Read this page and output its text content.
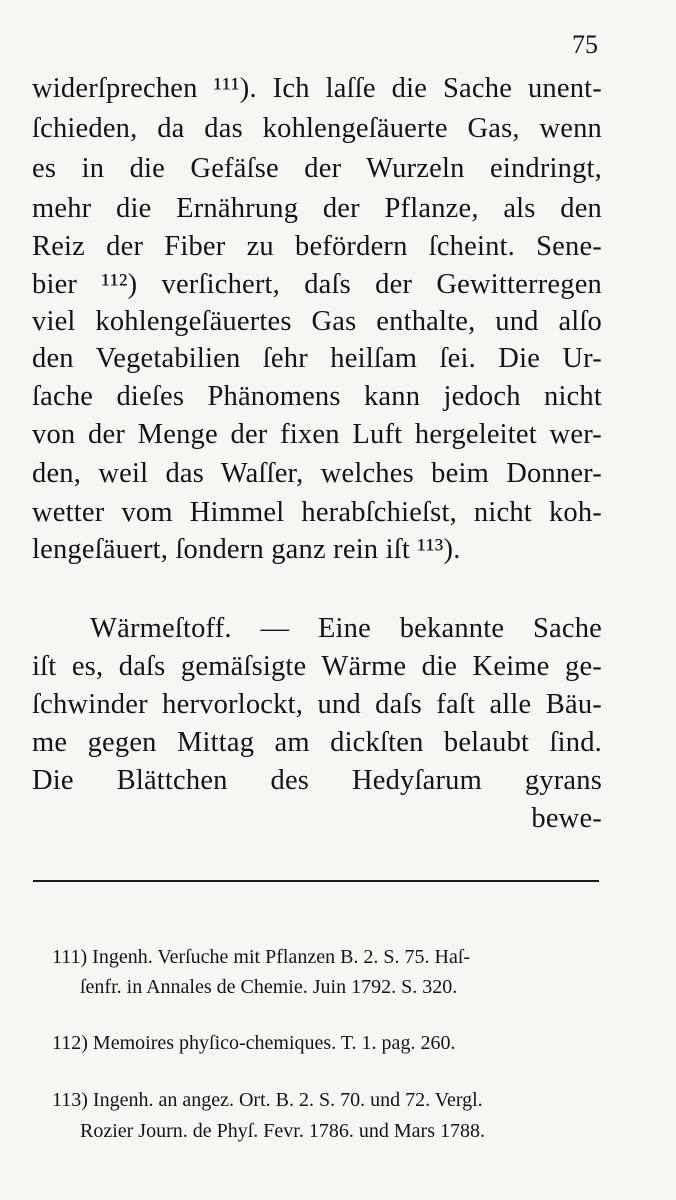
75
widerſprechen ¹¹¹). Ich laſſe die Sache unent-
ſchieden, da das kohlengeſäuerte Gas, wenn
es in die Gefäſse der Wurzeln eindringt,
mehr die Ernährung der Pflanze, als den
Reiz der Fiber zu befördern ſcheint. Sene-
bier ¹¹²) verſichert, daſs der Gewitterregen
viel kohlengeſäuertes Gas enthalte, und alſo
den Vegetabilien ſehr heilſam ſei. Die Ur-
ſache dieſes Phänomens kann jedoch nicht
von der Menge der fixen Luft hergeleitet wer-
den, weil das Waſſer, welches beim Donner-
wetter vom Himmel herabſchieſst, nicht koh-
lengeſäuert, ſondern ganz rein iſt ¹¹³).
Wärmeſtoff. — Eine bekannte Sache
iſt es, daſs gemäſsigte Wärme die Keime ge-
ſchwinder hervorlockt, und daſs faſt alle Bäu-
me gegen Mittag am dickſten belaubt ſind.
Die Blättchen des Hedyſarum gyrans
bewe-
111) Ingenh. Verſuche mit Pflanzen B. 2. S. 75. Haſ-
ſenfr. in Annales de Chemie. Juin 1792. S. 320.
112) Memoires phyſico-chemiques. T. 1. pag. 260.
113) Ingenh. an angez. Ort. B. 2. S. 70. und 72. Vergl.
Rozier Journ. de Phyſ. Fevr. 1786. und Mars 1788.
